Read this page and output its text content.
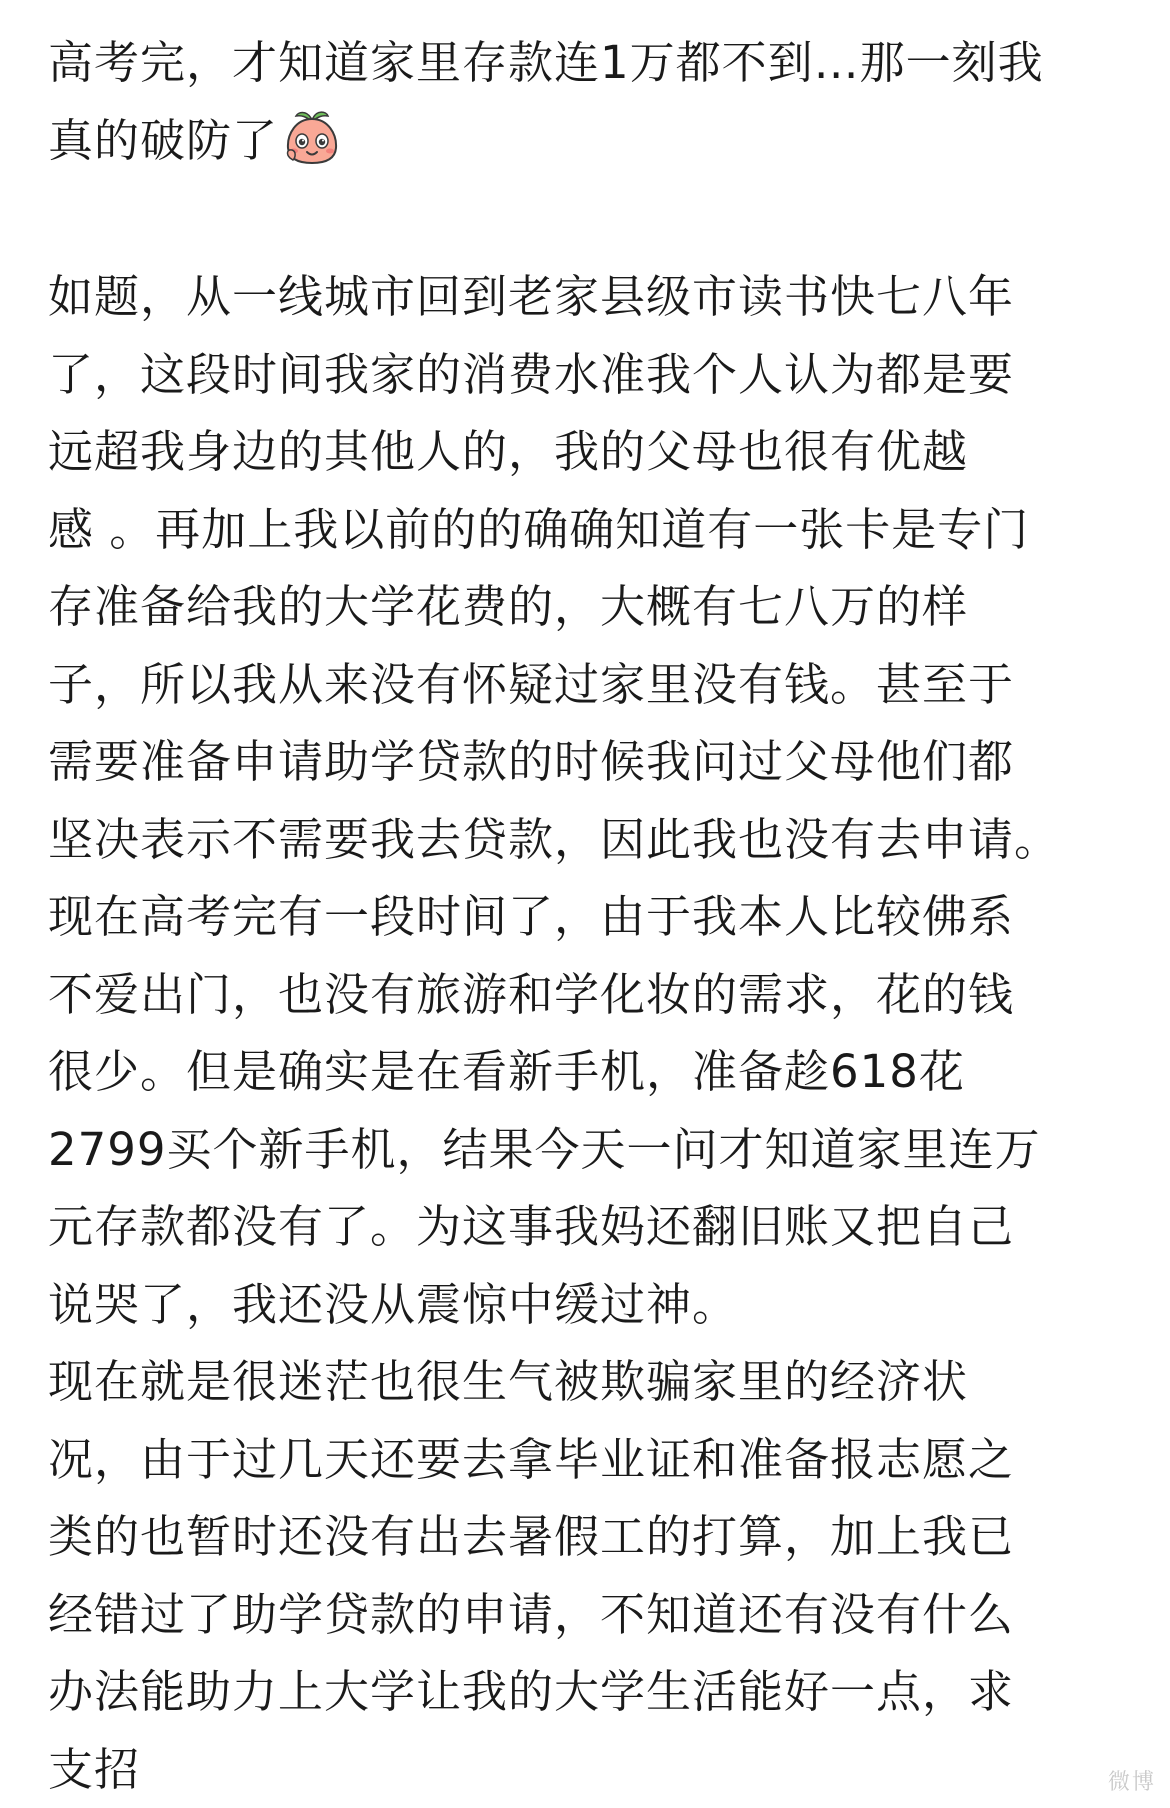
高考完，才知道家里存款连1万都不到…那一刻我
真的破防了
如题，从一线城市回到老家县级市读书快七八年
了，这段时间我家的消费水准我个人认为都是要
远超我身边的其他人的，我的父母也很有优越
感 。再加上我以前的的确确知道有一张卡是专门
存准备给我的大学花费的，大概有七八万的样
子，所以我从来没有怀疑过家里没有钱。甚至于
需要准备申请助学贷款的时候我问过父母他们都
坚决表示不需要我去贷款，因此我也没有去申请。
现在高考完有一段时间了，由于我本人比较佛系
不爱出门，也没有旅游和学化妆的需求，花的钱
很少。但是确实是在看新手机，准备趁618花
2799买个新手机，结果今天一问才知道家里连万
元存款都没有了。为这事我妈还翻旧账又把自己
说哭了，我还没从震惊中缓过神。
现在就是很迷茫也很生气被欺骗家里的经济状
况，由于过几天还要去拿毕业证和准备报志愿之
类的也暂时还没有出去暑假工的打算，加上我已
经错过了助学贷款的申请，不知道还有没有什么
办法能助力上大学让我的大学生活能好一点，求
支招	微博
